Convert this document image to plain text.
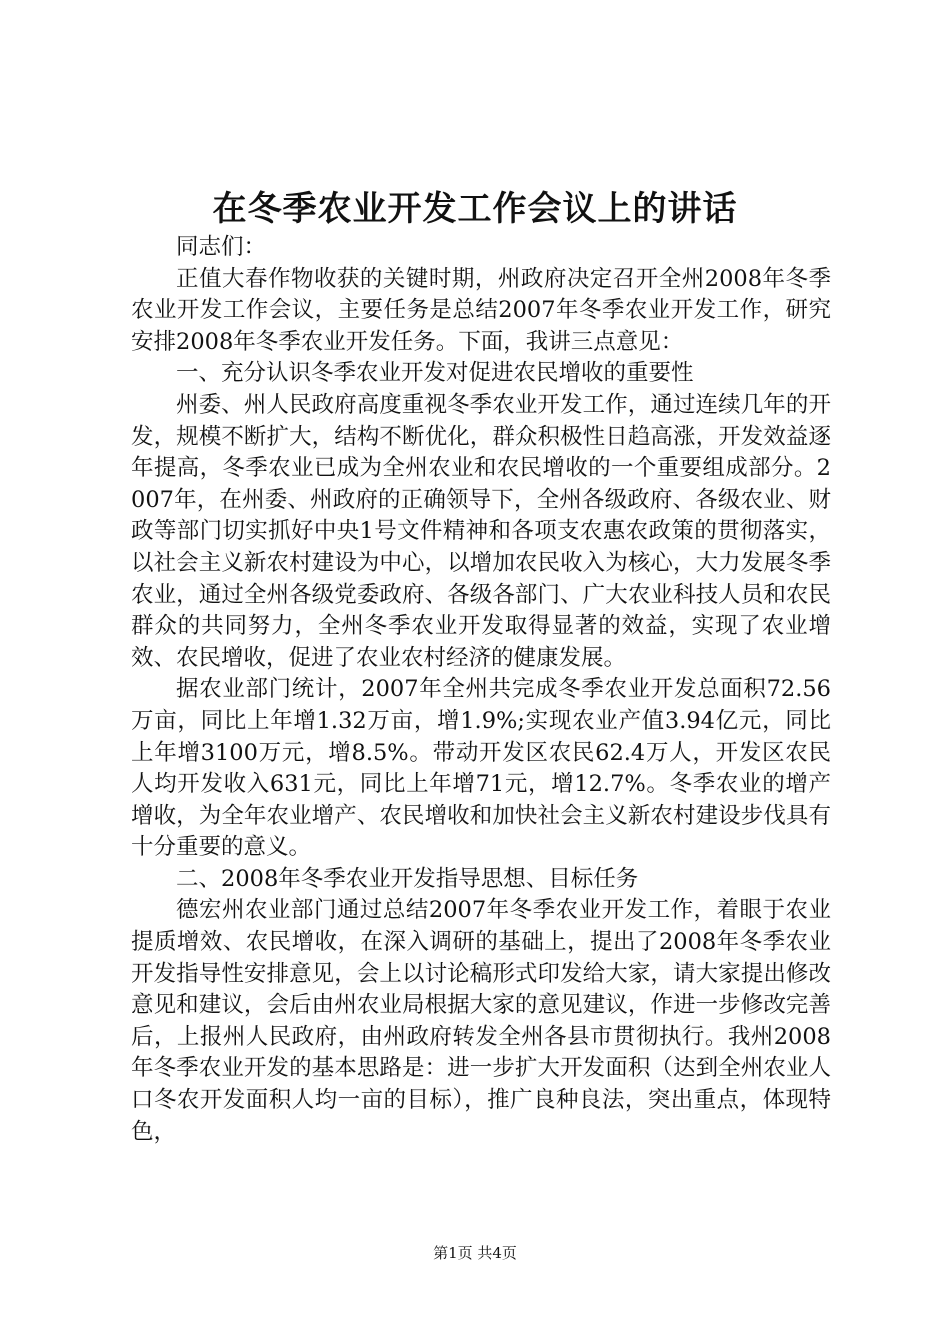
在冬季农业开发工作会议上的讲话

同志们：

正值大春作物收获的关键时期，州政府决定召开全州2008年冬季农业开发工作会议，主要任务是总结2007年冬季农业开发工作，研究安排2008年冬季农业开发任务。下面，我讲三点意见：

一、充分认识冬季农业开发对促进农民增收的重要性

州委、州人民政府高度重视冬季农业开发工作，通过连续几年的开发，规模不断扩大，结构不断优化，群众积极性日趋高涨，开发效益逐年提高，冬季农业已成为全州农业和农民增收的一个重要组成部分。2007年，在州委、州政府的正确领导下，全州各级政府、各级农业、财政等部门切实抓好中央1号文件精神和各项支农惠农政策的贯彻落实，以社会主义新农村建设为中心，以增加农民收入为核心，大力发展冬季农业，通过全州各级党委政府、各级各部门、广大农业科技人员和农民群众的共同努力，全州冬季农业开发取得显著的效益，实现了农业增效、农民增收，促进了农业农村经济的健康发展。

据农业部门统计，2007年全州共完成冬季农业开发总面积72.56万亩，同比上年增1.32万亩，增1.9%;实现农业产值3.94亿元，同比上年增3100万元，增8.5%。带动开发区农民62.4万人，开发区农民人均开发收入631元，同比上年增71元，增12.7%。冬季农业的增产增收，为全年农业增产、农民增收和加快社会主义新农村建设步伐具有十分重要的意义。

二、2008年冬季农业开发指导思想、目标任务

德宏州农业部门通过总结2007年冬季农业开发工作，着眼于农业提质增效、农民增收，在深入调研的基础上，提出了2008年冬季农业开发指导性安排意见，会上以讨论稿形式印发给大家，请大家提出修改意见和建议，会后由州农业局根据大家的意见建议，作进一步修改完善后，上报州人民政府，由州政府转发全州各县市贯彻执行。我州2008年冬季农业开发的基本思路是：进一步扩大开发面积（达到全州农业人口冬农开发面积人均一亩的目标），推广良种良法，突出重点，体现特色，

第1页 共4页
